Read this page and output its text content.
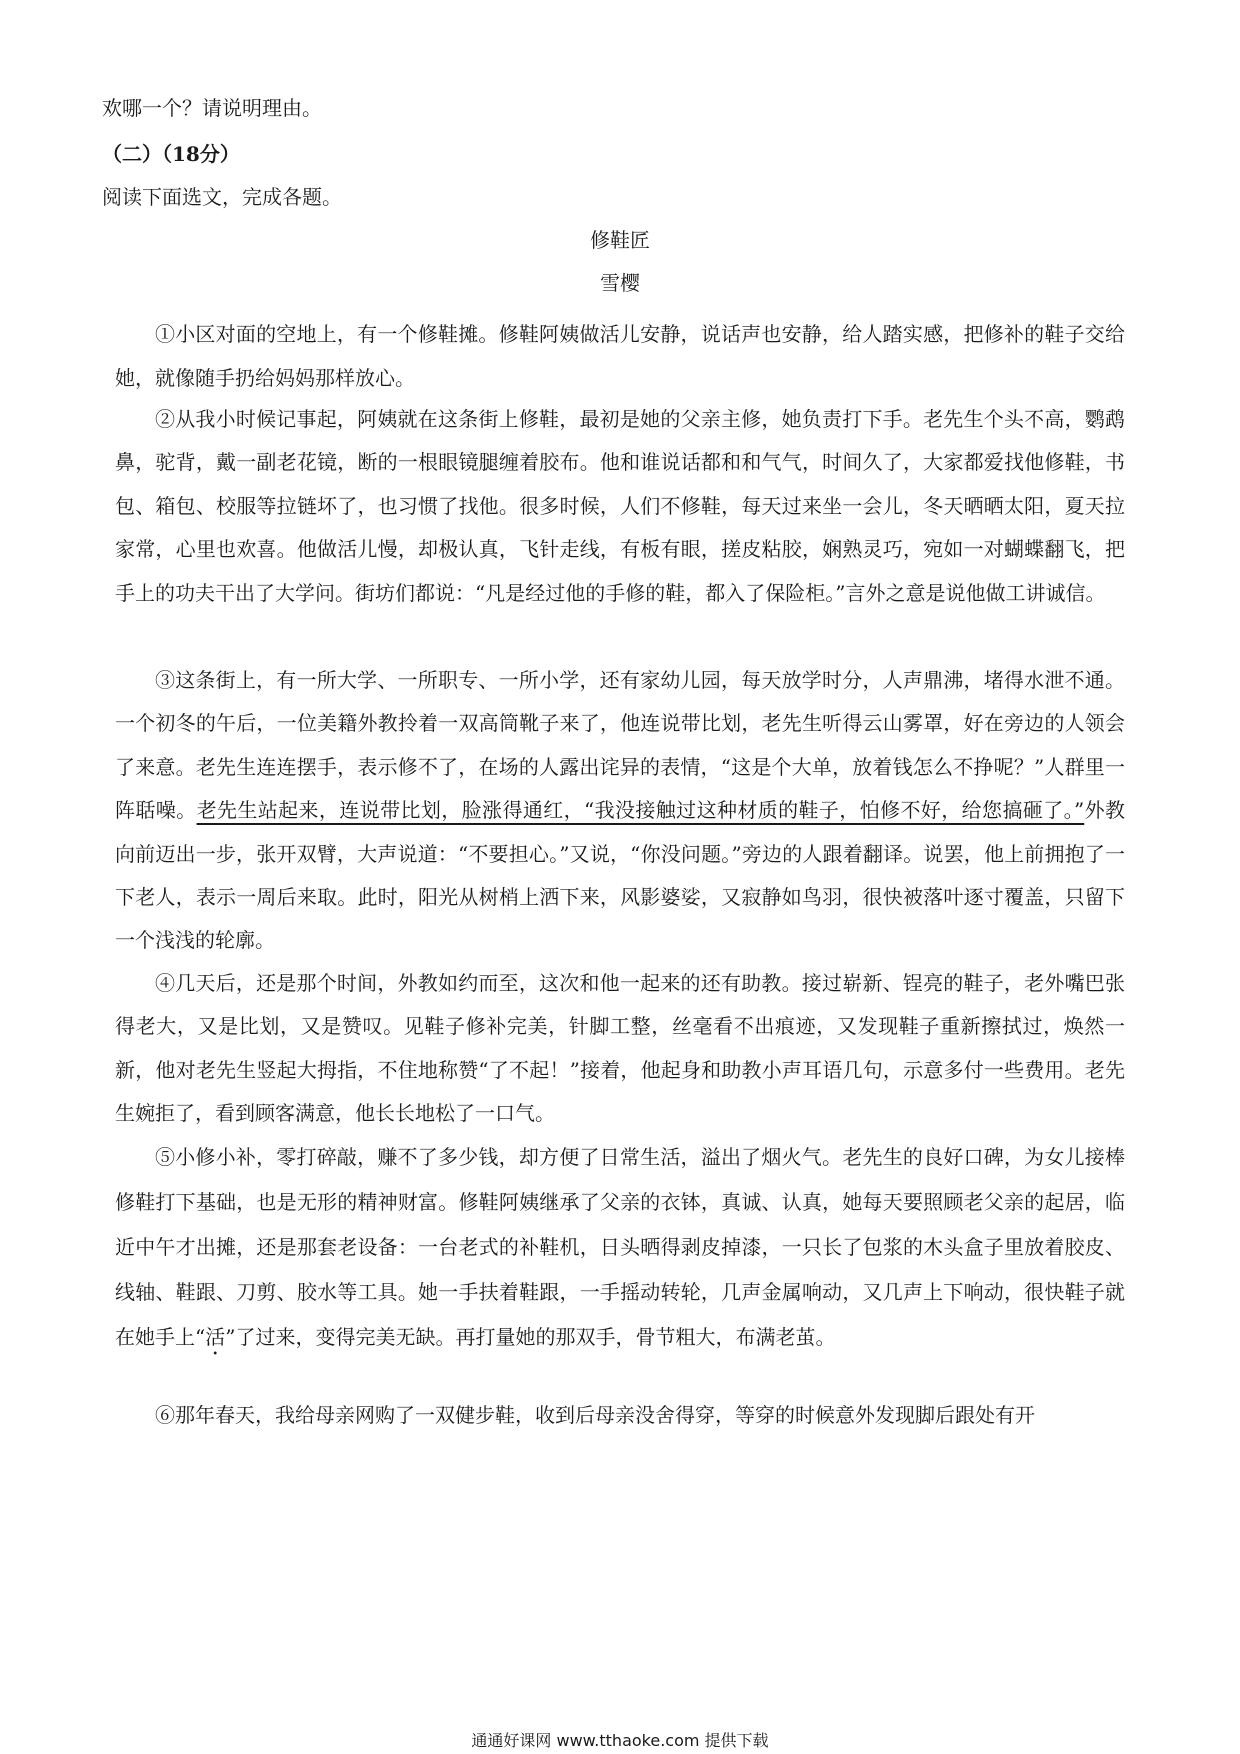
欢哪一个？请说明理由。

（二）（18分）

阅读下面选文，完成各题。

修鞋匠

雪樱

①小区对面的空地上，有一个修鞋摊。修鞋阿姨做活儿安静，说话声也安静，给人踏实感，把修补的鞋子交给她，就像随手扔给妈妈那样放心。

②从我小时候记事起，阿姨就在这条街上修鞋，最初是她的父亲主修，她负责打下手。老先生个头不高，鹦鹉鼻，驼背，戴一副老花镜，断的一根眼镜腿缠着胶布。他和谁说话都和和气气，时间久了，大家都爱找他修鞋，书包、箱包、校服等拉链坏了，也习惯了找他。很多时候，人们不修鞋，每天过来坐一会儿，冬天晒晒太阳，夏天拉家常，心里也欢喜。他做活儿慢，却极认真，飞针走线，有板有眼，搓皮粘胶，娴熟灵巧，宛如一对蝴蝶翻飞，把手上的功夫干出了大学问。街坊们都说：“凡是经过他的手修的鞋，都入了保险柜。”言外之意是说他做工讲诚信。

③这条街上，有一所大学、一所职专、一所小学，还有家幼儿园，每天放学时分，人声鼎沸，堵得水泄不通。一个初冬的午后，一位美籍外教拎着一双高筒靴子来了，他连说带比划，老先生听得云山雾罩，好在旁边的人领会了来意。老先生连连摆手，表示修不了，在场的人露出诧异的表情，“这是个大单，放着钱怎么不挣呢？”人群里一阵聒噪。老先生站起来，连说带比划，脸涨得通红，“我没接触过这种材质的鞋子，怕修不好，给您搞砸了。”外教向前迈出一步，张开双臂，大声说道：“不要担心。”又说，“你没问题。”旁边的人跟着翻译。说罢，他上前拥抱了一下老人，表示一周后来取。此时，阳光从树梢上洒下来，风影婆娑，又寂静如鸟羽，很快被落叶逐寸覆盖，只留下一个浅浅的轮廓。

④几天后，还是那个时间，外教如约而至，这次和他一起来的还有助教。接过崭新、锃亮的鞋子，老外嘴巴张得老大，又是比划，又是赞叹。见鞋子修补完美，针脚工整，丝毫看不出痕迹，又发现鞋子重新擦拭过，焕然一新，他对老先生竖起大拇指，不住地称赞“了不起！”接着，他起身和助教小声耳语几句，示意多付一些费用。老先生婉拒了，看到顾客满意，他长长地松了一口气。

⑤小修小补，零打碎敲，赚不了多少钱，却方便了日常生活，溢出了烟火气。老先生的良好口碑，为女儿接棒修鞋打下基础，也是无形的精神财富。修鞋阿姨继承了父亲的衣钵，真诚、认真，她每天要照顾老父亲的起居，临近中午才出摊，还是那套老设备：一台老式的补鞋机，日头晒得剥皮掉漆，一只长了包浆的木头盒子里放着胶皮、线轴、鞋跟、刀剪、胶水等工具。她一手扶着鞋跟，一手摇动转轮，几声金属响动，又几声上下响动，很快鞋子就在她手上“活”了过来，变得完美无缺。再打量她的那双手，骨节粗大，布满老茧。

⑥那年春天，我给母亲网购了一双健步鞋，收到后母亲没舍得穿，等穿的时候意外发现脚后跟处有开

通通好课网 www.tthaoke.com 提供下载
